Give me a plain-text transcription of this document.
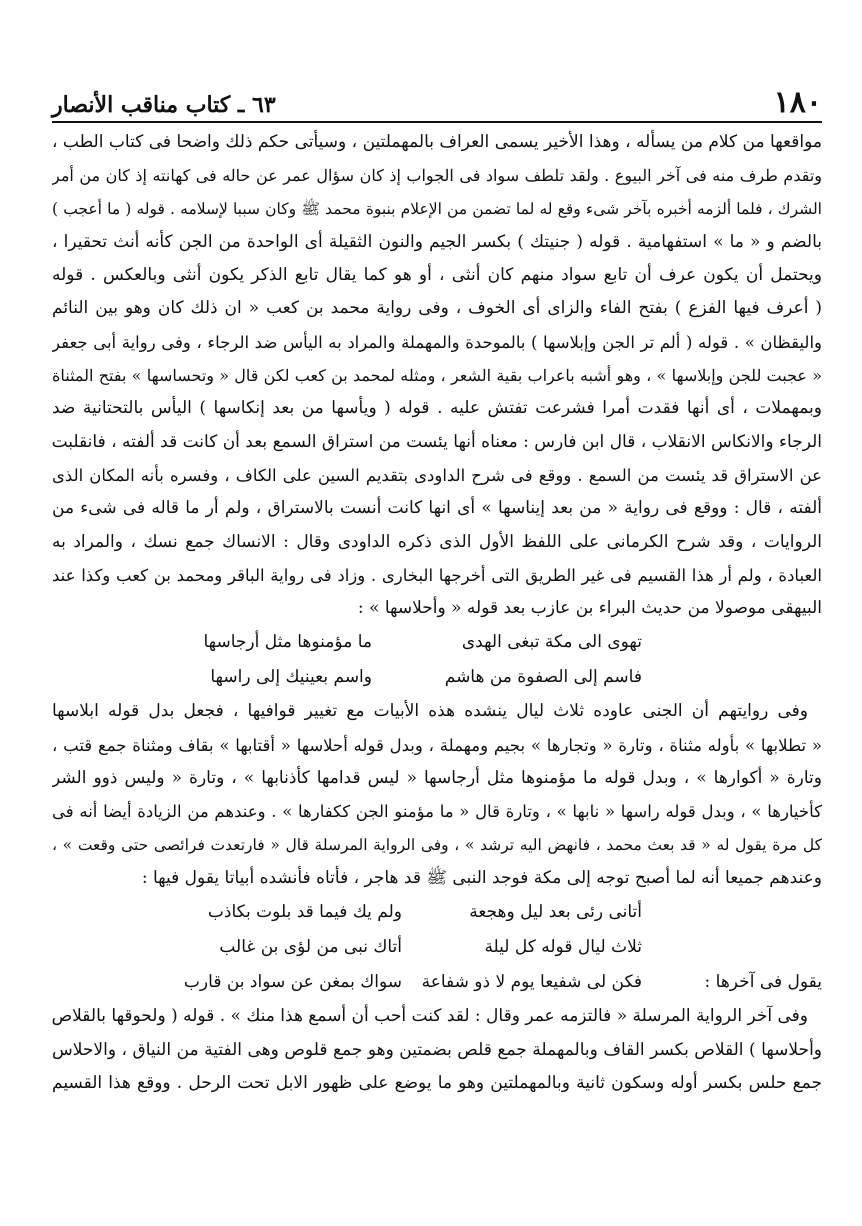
١٨٠
٦٣ ـ كتاب مناقب الأنصار
مواقعها من كلام من يسأله ، وهذا الأخير يسمى العراف بالمهملتين ، وسيأتى حكم ذلك واضحا فى كتاب الطب ،
وتقدم طرف منه فى آخر البيوع . ولقد تلطف سواد فى الجواب إذ كان سؤال عمر عن حاله فى كهانته إذ كان من أمر
الشرك ، فلما ألزمه أخبره بآخر شىء وقع له لما تضمن من الإعلام بنبوة محمد ﷺ وكان سببا لإسلامه . قوله ( ما أعجب )
بالضم و « ما » استفهامية . قوله ( جنيتك ) بكسر الجيم والنون الثقيلة أى الواحدة من الجن كأنه أنث تحقيرا ،
ويحتمل أن يكون عرف أن تابع سواد منهم كان أنثى ، أو هو كما يقال تابع الذكر يكون أنثى وبالعكس . قوله
( أعرف فيها الفزع ) بفتح الفاء والزاى أى الخوف ، وفى رواية محمد بن كعب « ان ذلك كان وهو بين النائم
واليقظان » . قوله ( ألم تر الجن وإبلاسها ) بالموحدة والمهملة والمراد به اليأس ضد الرجاء ، وفى رواية أبى جعفر
« عجبت للجن وإبلاسها » ، وهو أشبه باعراب بقية الشعر ، ومثله لمحمد بن كعب لكن قال « وتحساسها » بفتح المثناة
وبمهملات ، أى أنها فقدت أمرا فشرعت تفتش عليه . قوله ( ويأسها من بعد إنكاسها ) اليأس بالتحتانية ضد
الرجاء والانكاس الانقلاب ، قال ابن فارس : معناه أنها يئست من استراق السمع بعد أن كانت قد ألفته ، فانقلبت
عن الاستراق قد يئست من السمع . ووقع فى شرح الداودى بتقديم السين على الكاف ، وفسره بأنه المكان الذى
ألفته ، قال : ووقع فى رواية « من بعد إيناسها » أى انها كانت أنست بالاستراق ، ولم أر ما قاله فى شىء من
الروايات ، وقد شرح الكرمانى على اللفظ الأول الذى ذكره الداودى وقال : الانساك جمع نسك ، والمراد به
العبادة ، ولم أر هذا القسيم فى غير الطريق التى أخرجها البخارى . وزاد فى رواية الباقر ومحمد بن كعب وكذا عند
البيهقى موصولا من حديث البراء بن عازب بعد قوله « وأحلاسها » :
تهوى الى مكة تبغى الهدى
ما مؤمنوها مثل أرجاسها
فاسم إلى الصفوة من هاشم
واسم بعينيك إلى راسها
وفى روايتهم أن الجنى عاوده ثلاث ليال ينشده هذه الأبيات مع تغيير قوافيها ، فجعل بدل قوله ابلاسها
« تطلابها » بأوله مثناة ، وتارة « وتجارها » بجيم ومهملة ، وبدل قوله أحلاسها « أقتابها » بقاف ومثناة جمع قتب ،
وتارة « أكوارها » ، وبدل قوله ما مؤمنوها مثل أرجاسها « ليس قدامها كأذنابها » ، وتارة « وليس ذوو الشر
كأخيارها » ، وبدل قوله راسها « نابها » ، وتارة قال « ما مؤمنو الجن ككفارها » . وعندهم من الزيادة أيضا أنه فى
كل مرة يقول له « قد بعث محمد ، فانهض اليه ترشد » ، وفى الرواية المرسلة قال « فارتعدت فرائصى حتى وقعت » ،
وعندهم جميعا أنه لما أصبح توجه إلى مكة فوجد النبى ﷺ قد هاجر ، فأتاه فأنشده أبياتا يقول فيها :
أتانى رئى بعد ليل وهجعة
ولم يك فيما قد بلوت بكاذب
ثلاث ليال قوله كل ليلة
أتاك نبى من لؤى بن غالب
يقول فى آخرها :
فكن لى شفيعا يوم لا ذو شفاعة
سواك بمغن عن سواد بن قارب
وفى آخر الرواية المرسلة « فالتزمه عمر وقال : لقد كنت أحب أن أسمع هذا منك » . قوله ( ولحوقها بالقلاص
وأحلاسها ) القلاص بكسر القاف وبالمهملة جمع قلص بضمتين وهو جمع قلوص وهى الفتية من النياق ، والاحلاس
جمع حلس بكسر أوله وسكون ثانية وبالمهملتين وهو ما يوضع على ظهور الابل تحت الرحل . ووقع هذا القسيم
